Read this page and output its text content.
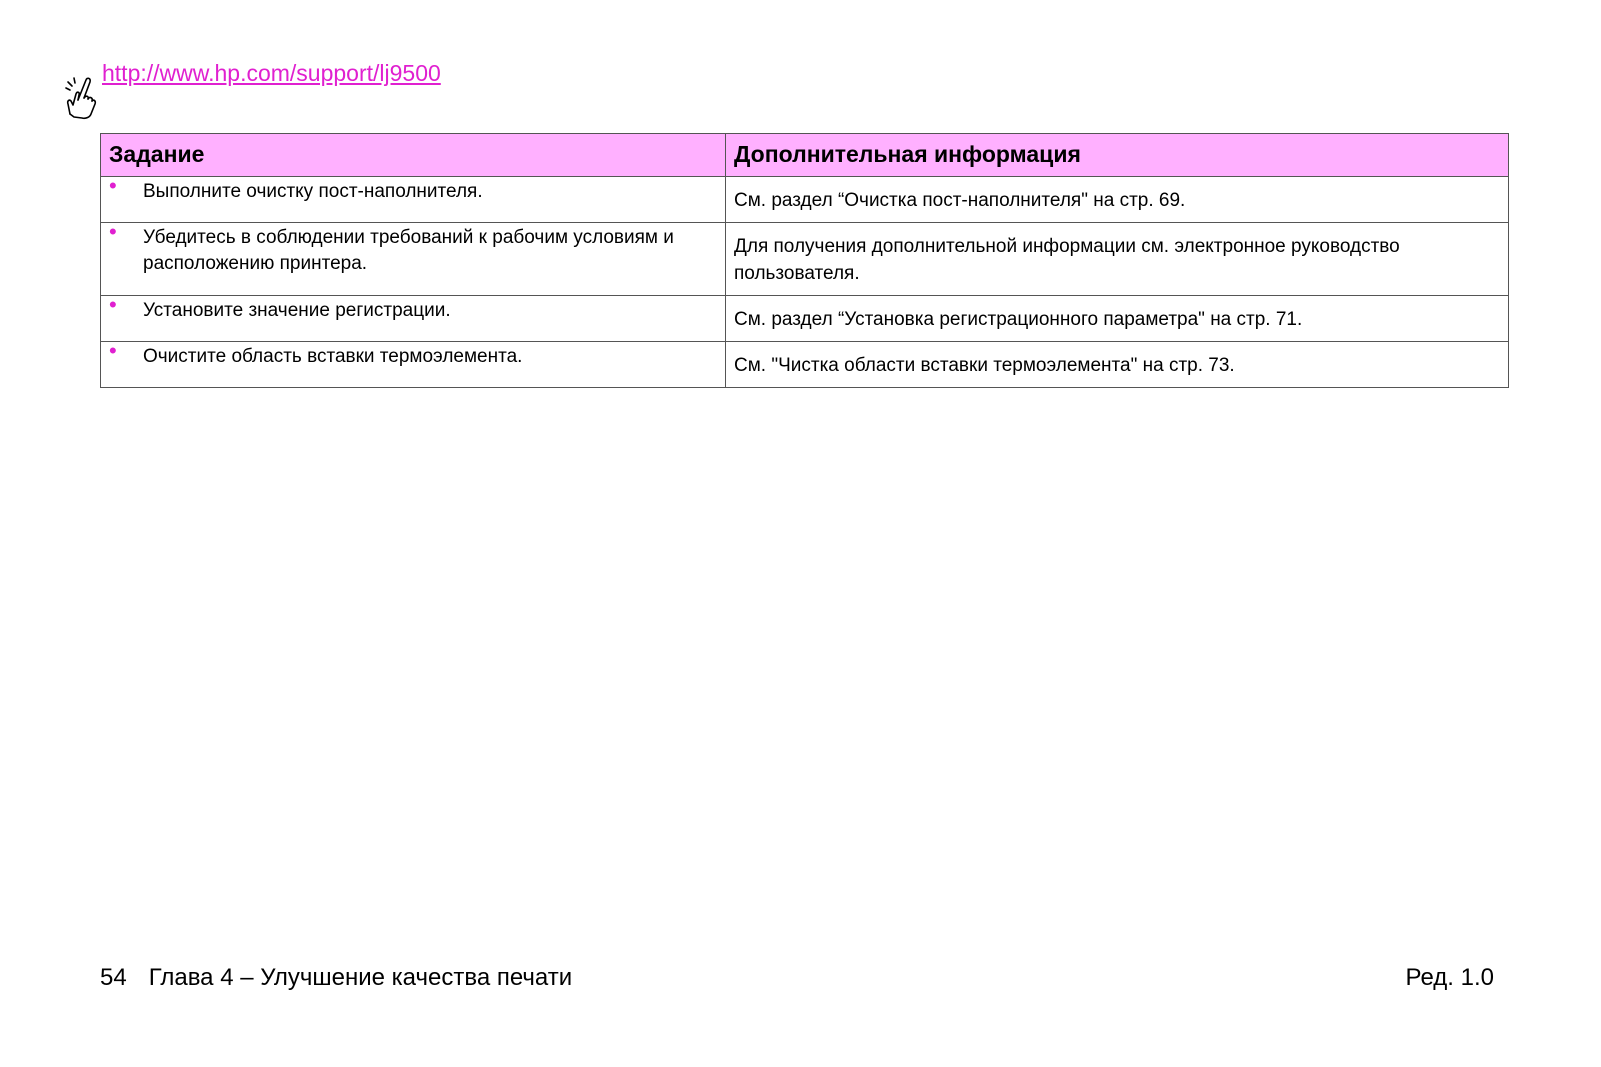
http://www.hp.com/support/lj9500
Задание	Дополнительная информация

• Выполните очистку пост-наполнителя.	См. раздел “Очистка пост-наполнителя" на стр. 69.

• Убедитесь в соблюдении требований к рабочим условиям и расположению принтера.	Для получения дополнительной информации см. электронное руководство пользователя.

• Установите значение регистрации.	См. раздел “Установка регистрационного параметра" на стр. 71.

• Очистите область вставки термоэлемента.	См. "Чистка области вставки термоэлемента" на стр. 73.
54 Глава 4 – Улучшение качества печати	Ред. 1.0
